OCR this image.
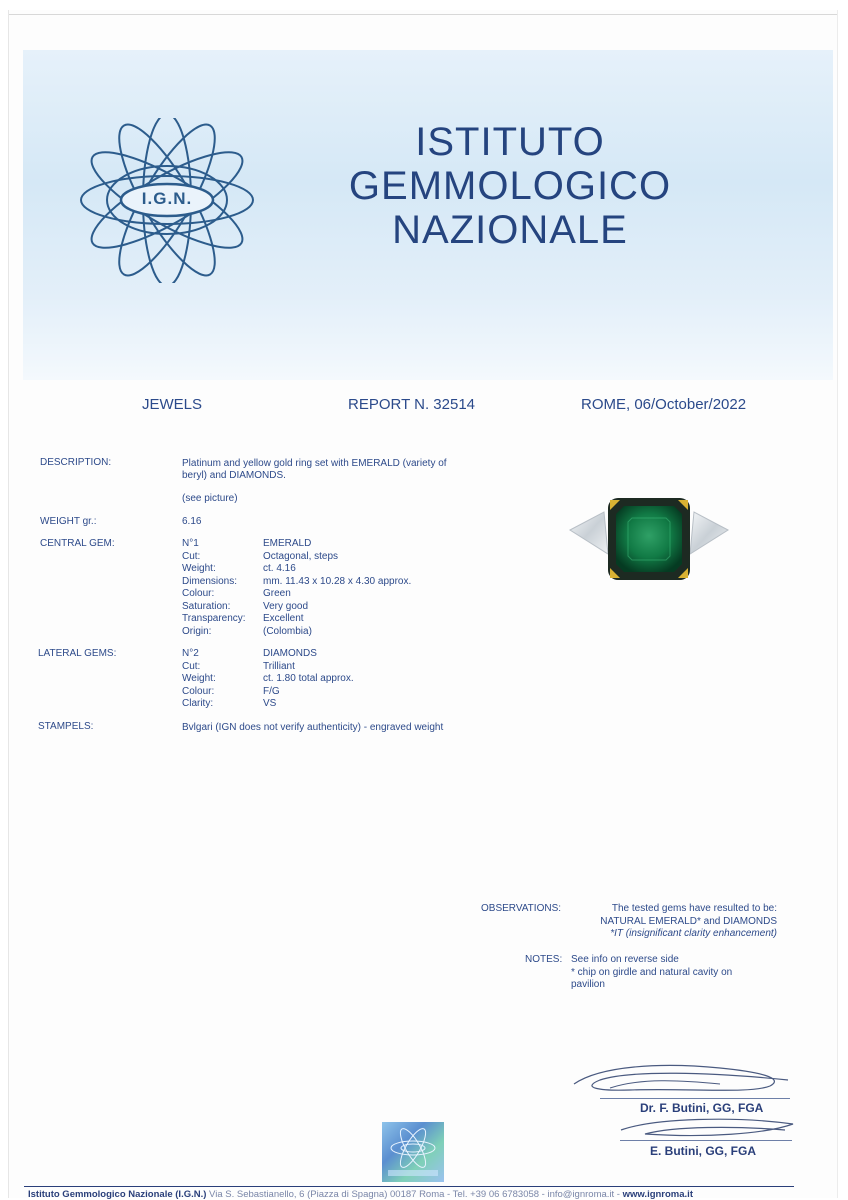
I.G.N.
ISTITUTO
GEMMOLOGICO
NAZIONALE
JEWELS	REPORT N. 32514	ROME, 06/October/2022
DESCRIPTION:	Platinum and yellow gold ring set with EMERALD (variety of
beryl) and DIAMONDS.
(see picture)
WEIGHT gr.:	6.16
CENTRAL GEM:	N°1	EMERALD
Cut:	Octagonal, steps
Weight:	ct. 4.16
Dimensions:	mm. 11.43 x 10.28 x 4.30 approx.
Colour:	Green
Saturation:	Very good
Transparency: Excellent
Origin:	(Colombia)
LATERAL GEMS:	N°2	DIAMONDS
Cut:	Trilliant
Weight:	ct. 1.80 total approx.
Colour:	F/G
Clarity:	VS
STAMPELS:	Bvlgari (IGN does not verify authenticity) - engraved weight
OBSERVATIONS:	The tested gems have resulted to be:
NATURAL EMERALD* and DIAMONDS
*IT (insignificant clarity enhancement)
NOTES: See info on reverse side
* chip on girdle and natural cavity on
pavilion
Dr. F. Butini, GG, FGA
E. Butini, GG, FGA
Istituto Gemmologico Nazionale (I.G.N.) Via S. Sebastianello, 6 (Piazza di Spagna) 00187 Roma - Tel. +39 06 6783058 - info@ignroma.it - www.ignroma.it
